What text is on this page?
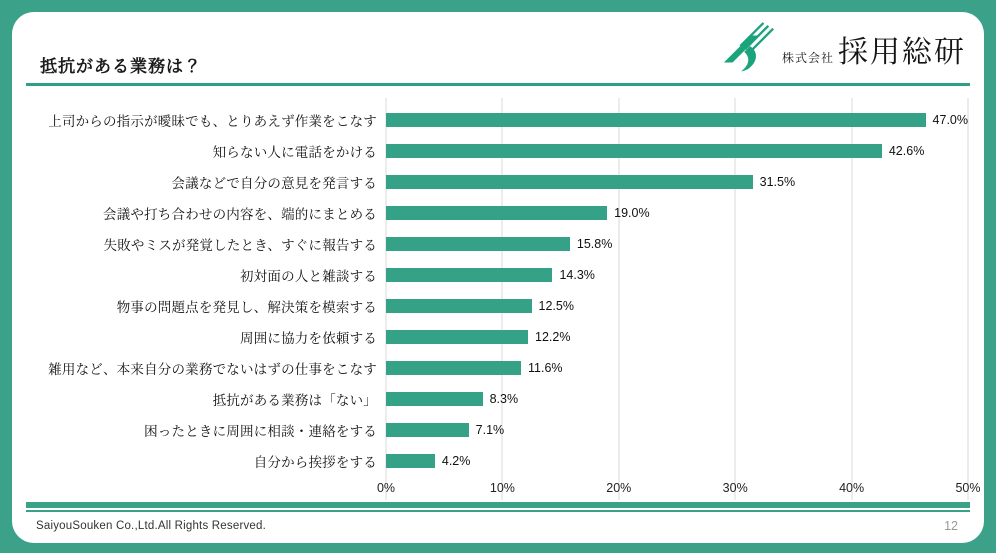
抵抗がある業務は？	株式会社 採用総研
上司からの指示が曖昧でも、とりあえず作業をこなす	47.0%
知らない人に電話をかける	42.6%
会議などで自分の意見を発言する	31.5%
会議や打ち合わせの内容を、端的にまとめる	19.0%
失敗やミスが発覚したとき、すぐに報告する	15.8%
初対面の人と雑談する	14.3%
物事の問題点を発見し、解決策を模索する	12.5%
周囲に協力を依頼する	12.2%
雑用など、本来自分の業務でないはずの仕事をこなす	11.6%
抵抗がある業務は「ない」	8.3%
困ったときに周囲に相談・連絡をする	7.1%
自分から挨拶をする	4.2%
0%	10%	20%	30%	40%	50%
SaiyouSouken Co.,Ltd.All Rights Reserved.	12
